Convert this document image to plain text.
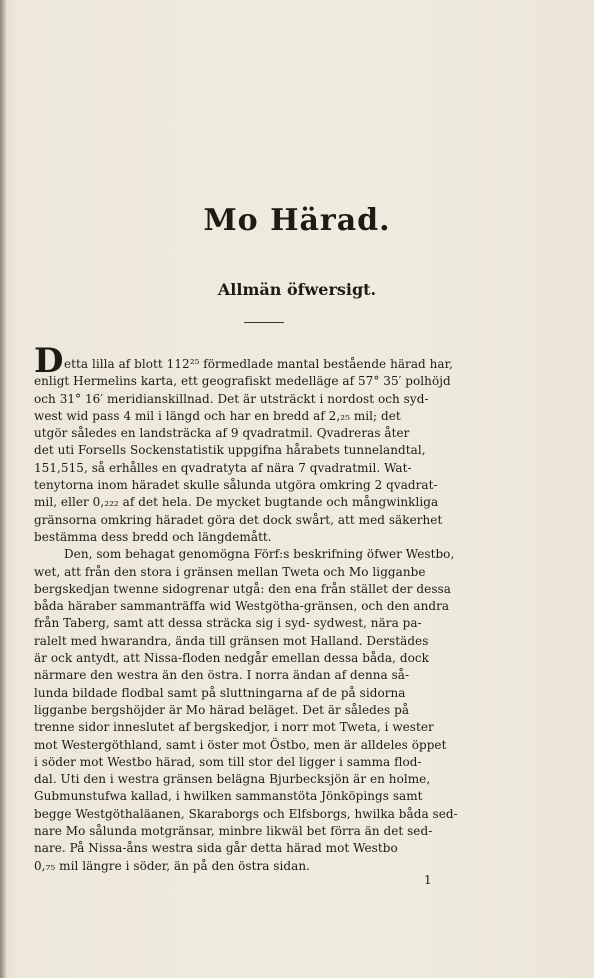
Mo Härad.
Allmän öfwersigt.
D etta lilla af blott 112²⁵ förmedlade mantal bestående härad har,
enligt Hermelins karta, ett geografiskt medelläge af 57° 35′ polhöjd
och 31° 16′ meridianskillnad. Det är utsträckt i nordost och syd-
west wid pass 4 mil i längd och har en bredd af 2,₂₅ mil; det
utgör således en landsträcka af 9 qvadratmil. Qvadreras åter
det uti Forsells Sockenstatistik uppgifna hårabets tunnelandtal,
151,515, så erhålles en qvadratyta af nära 7 qvadratmil. Wat-
tenytorna inom häradet skulle sålunda utgöra omkring 2 qvadrat-
mil, eller 0,₂₂₂ af det hela. De mycket bugtande och mångwinkliga
gränsorna omkring häradet göra det dock swårt, att med säkerhet
bestämma dess bredd och längdemått.
Den, som behagat genomögna Förf:s beskrifning öfwer Westbo,
wet, att från den stora i gränsen mellan Tweta och Mo ligganbe
bergskedjan twenne sidogrenar utgå: den ena från stället der dessa
båda häraber sammanträffa wid Westgötha-gränsen, och den andra
från Taberg, samt att dessa sträcka sig i syd- sydwest, nära pa-
ralelt med hwarandra, ända till gränsen mot Halland. Derstädes
är ock antydt, att Nissa-floden nedgår emellan dessa båda, dock
närmare den westra än den östra. I norra ändan af denna så-
lunda bildade flodbal samt på sluttningarna af de på sidorna
ligganbe bergshöjder är Mo härad beläget. Det är således på
trenne sidor inneslutet af bergskedjor, i norr mot Tweta, i wester
mot Westergöthland, samt i öster mot Östbo, men är alldeles öppet
i söder mot Westbo härad, som till stor del ligger i samma flod-
dal. Uti den i westra gränsen belägna Bjurbecksjön är en holme,
Gubmunstufwa kallad, i hwilken sammanstöta Jönköpings samt
begge Westgöthaläanen, Skaraborgs och Elfsborgs, hwilka båda sed-
nare Mo sålunda motgränsar, minbre likwäl bet förra än det sed-
nare. På Nissa-åns westra sida går detta härad mot Westbo
0,₇₅ mil längre i söder, än på den östra sidan.
1
